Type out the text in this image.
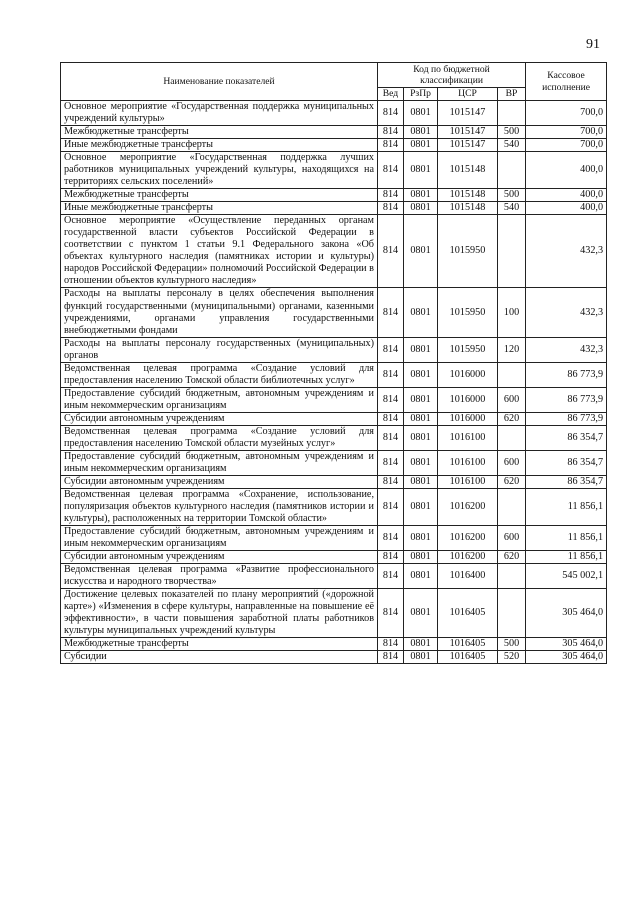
91
Наименование показателей	Код по бюджетной классификации				Кассовое исполнение
	Вед	РзПр	ЦСР	ВР	
Основное мероприятие «Государственная поддержка муниципальных учреждений культуры»	814	0801	1015147		700,0
Межбюджетные трансферты	814	0801	1015147	500	700,0
Иные межбюджетные трансферты	814	0801	1015147	540	700,0
Основное мероприятие «Государственная поддержка лучших работников муниципальных учреждений культуры, находящихся на территориях сельских поселений»	814	0801	1015148		400,0
Межбюджетные трансферты	814	0801	1015148	500	400,0
Иные межбюджетные трансферты	814	0801	1015148	540	400,0
Основное мероприятие «Осуществление переданных органам государственной власти субъектов Российской Федерации в соответствии с пунктом 1 статьи 9.1 Федерального закона «Об объектах культурного наследия (памятниках истории и культуры) народов Российской Федерации» полномочий Российской Федерации в отношении объектов культурного наследия»	814	0801	1015950		432,3
Расходы на выплаты персоналу в целях обеспечения выполнения функций государственными (муниципальными) органами, казенными учреждениями, органами управления государственными внебюджетными фондами	814	0801	1015950	100	432,3
Расходы на выплаты персоналу государственных (муниципальных) органов	814	0801	1015950	120	432,3
Ведомственная целевая программа «Создание условий для предоставления населению Томской области библиотечных услуг»	814	0801	1016000		86 773,9
Предоставление субсидий бюджетным, автономным учреждениям и иным некоммерческим организациям	814	0801	1016000	600	86 773,9
Субсидии автономным учреждениям	814	0801	1016000	620	86 773,9
Ведомственная целевая программа «Создание условий для предоставления населению Томской области музейных услуг»	814	0801	1016100		86 354,7
Предоставление субсидий бюджетным, автономным учреждениям и иным некоммерческим организациям	814	0801	1016100	600	86 354,7
Субсидии автономным учреждениям	814	0801	1016100	620	86 354,7
Ведомственная целевая программа «Сохранение, использование, популяризация объектов культурного наследия (памятников истории и культуры), расположенных на территории Томской области»	814	0801	1016200		11 856,1
Предоставление субсидий бюджетным, автономным учреждениям и иным некоммерческим организациям	814	0801	1016200	600	11 856,1
Субсидии автономным учреждениям	814	0801	1016200	620	11 856,1
Ведомственная целевая программа «Развитие профессионального искусства и народного творчества»	814	0801	1016400		545 002,1
Достижение целевых показателей по плану мероприятий («дорожной карте») «Изменения в сфере культуры, направленные на повышение её эффективности», в части повышения заработной платы работников культуры муниципальных учреждений культуры	814	0801	1016405		305 464,0
Межбюджетные трансферты	814	0801	1016405	500	305 464,0
Субсидии	814	0801	1016405	520	305 464,0
